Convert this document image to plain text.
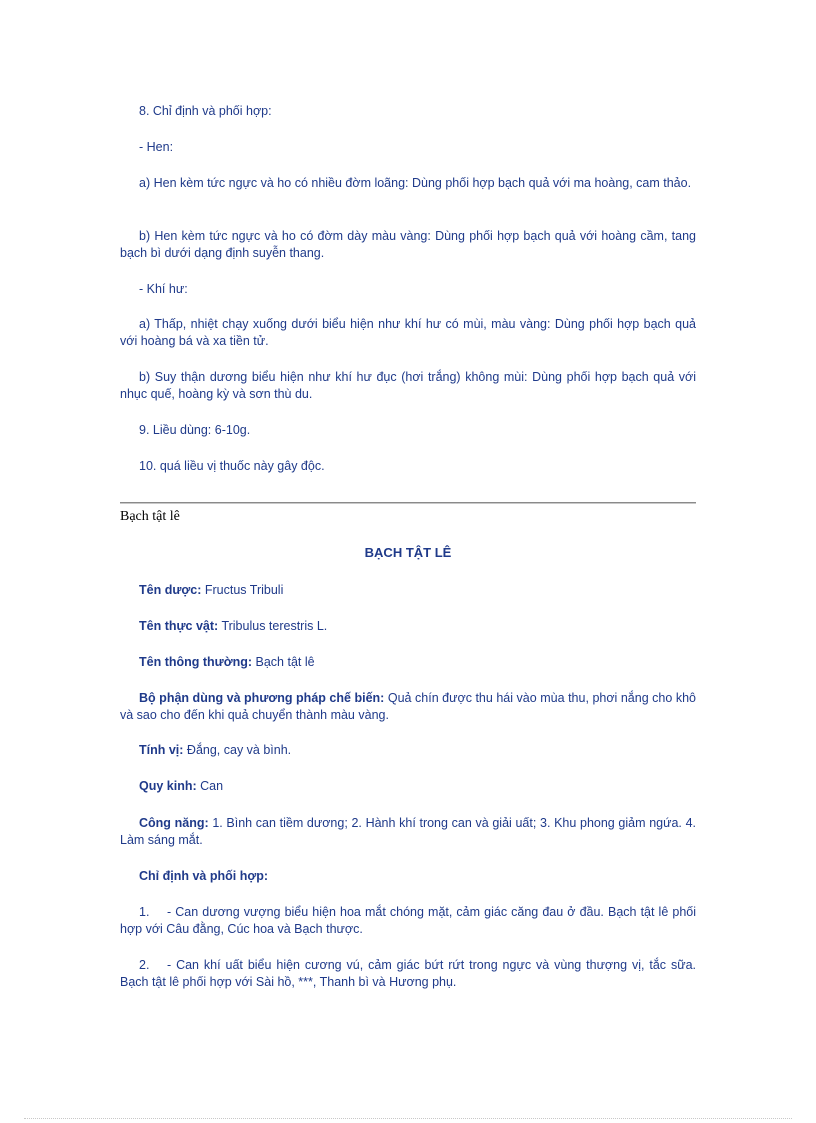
8. Chỉ định và phối hợp:

- Hen:

a) Hen kèm tức ngực và ho có nhiều đờm loãng: Dùng phối hợp bạch quả với ma hoàng, cam thảo.

b) Hen kèm tức ngực và ho có đờm dày màu vàng: Dùng phối hợp bạch quả với hoàng cầm, tang bạch bì dưới dạng định suyễn thang.

- Khí hư:

a) Thấp, nhiệt chạy xuống dưới biểu hiện như khí hư có mùi, màu vàng: Dùng phối hợp bạch quả với hoàng bá và xa tiền tử.

b) Suy thận dương biểu hiện như khí hư đục (hơi trắng) không mùi: Dùng phối hợp bạch quả với nhục quế, hoàng kỳ và sơn thù du.

9. Liều dùng: 6-10g.

10. quá liều vị thuốc này gây độc.

Bạch tật lê

BẠCH TẬT LÊ

Tên dược: Fructus Tribuli

Tên thực vật: Tribulus terestris L.

Tên thông thường: Bạch tật lê

Bộ phận dùng và phương pháp chế biến: Quả chín được thu hái vào mùa thu, phơi nắng cho khô và sao cho đến khi quả chuyển thành màu vàng.

Tính vị: Đắng, cay và bình.

Quy kinh: Can

Công năng: 1. Bình can tiềm dương; 2. Hành khí trong can và giải uất; 3. Khu phong giảm ngứa. 4. Làm sáng mắt.

Chỉ định và phối hợp:

1. - Can dương vượng biểu hiện hoa mắt chóng mặt, cảm giác căng đau ở đầu. Bạch tật lê phối hợp với Câu đằng, Cúc hoa và Bạch thược.

2. - Can khí uất biểu hiện cương vú, cảm giác bứt rứt trong ngực và vùng thượng vị, tắc sữa. Bạch tật lê phối hợp với Sài hồ, ***, Thanh bì và Hương phụ.
